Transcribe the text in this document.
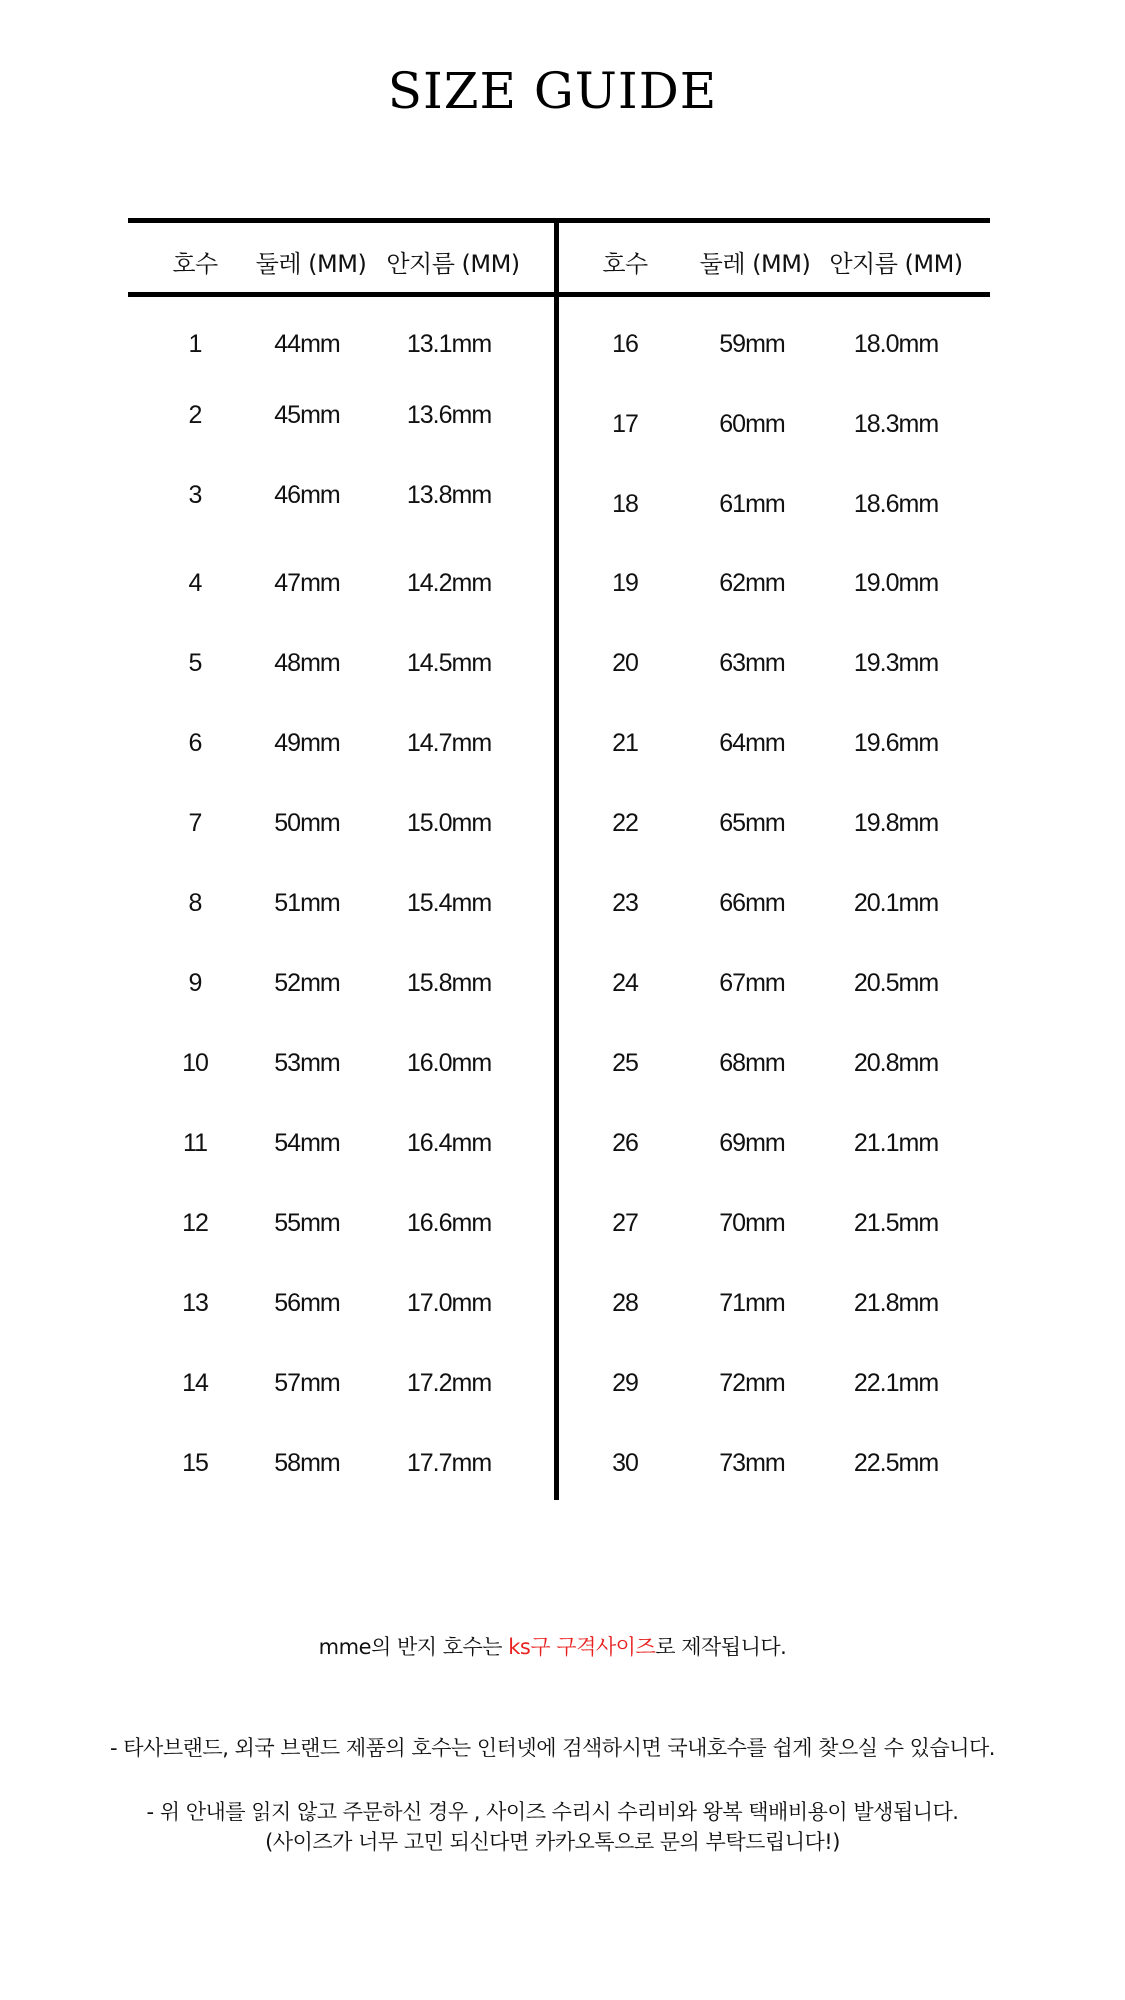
SIZE GUIDE
호수 둘레 (MM) 안지름 (MM)	호수 둘레 (MM) 안지름 (MM)
1	44mm	13.1mm
2	45mm	13.6mm
3	46mm	13.8mm
4	47mm	14.2mm
5	48mm	14.5mm
6	49mm	14.7mm
7	50mm	15.0mm
8	51mm	15.4mm
9	52mm	15.8mm
10	53mm	16.0mm
11	54mm	16.4mm
12	55mm	16.6mm
13	56mm	17.0mm
14	57mm	17.2mm
15	58mm	17.7mm
16	59mm	18.0mm
17	60mm	18.3mm
18	61mm	18.6mm
19	62mm	19.0mm
20	63mm	19.3mm
21	64mm	19.6mm
22	65mm	19.8mm
23	66mm	20.1mm
24	67mm	20.5mm
25	68mm	20.8mm
26	69mm	21.1mm
27	70mm	21.5mm
28	71mm	21.8mm
29	72mm	22.1mm
30	73mm	22.5mm
mme의 반지 호수는 ks구 구격사이즈로 제작됩니다.
- 타사브랜드, 외국 브랜드 제품의 호수는 인터넷에 검색하시면 국내호수를 쉽게 찾으실 수 있습니다.
- 위 안내를 읽지 않고 주문하신 경우 , 사이즈 수리시 수리비와 왕복 택배비용이 발생됩니다.
(사이즈가 너무 고민 되신다면 카카오톡으로 문의 부탁드립니다!)
